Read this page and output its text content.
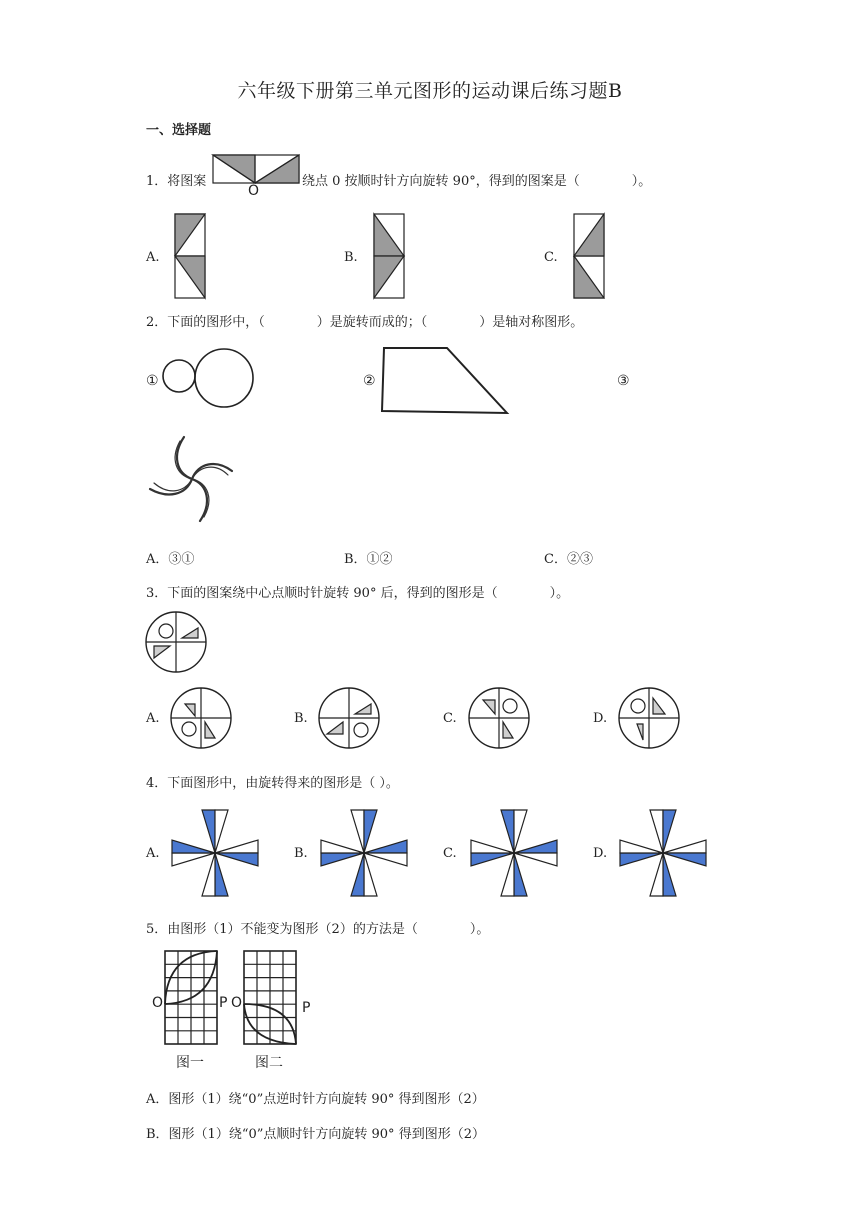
六年级下册第三单元图形的运动课后练习题B
一、选择题
1．将图案
O
绕点 0 按顺时针方向旋转 90°，得到的图案是（　　　　）。
A.	B.	C.
2．下面的图形中，（　　　　）是旋转而成的；（　　　　）是轴对称图形。
①	②	③
A．③①	B．①②	C．②③
3．下面的图案绕中心点顺时针旋转 90° 后，得到的图形是（　　　　）。
A.	B.	C.	D.
4．下面图形中，由旋转得来的图形是（ ）。
A.	B.	C.	D.
5．由图形（1）不能变为图形（2）的方法是（　　　　）。
O	P
图一
O	P
图二
A．图形（1）绕“0”点逆时针方向旋转 90° 得到图形（2）
B．图形（1）绕“0”点顺时针方向旋转 90° 得到图形（2）
